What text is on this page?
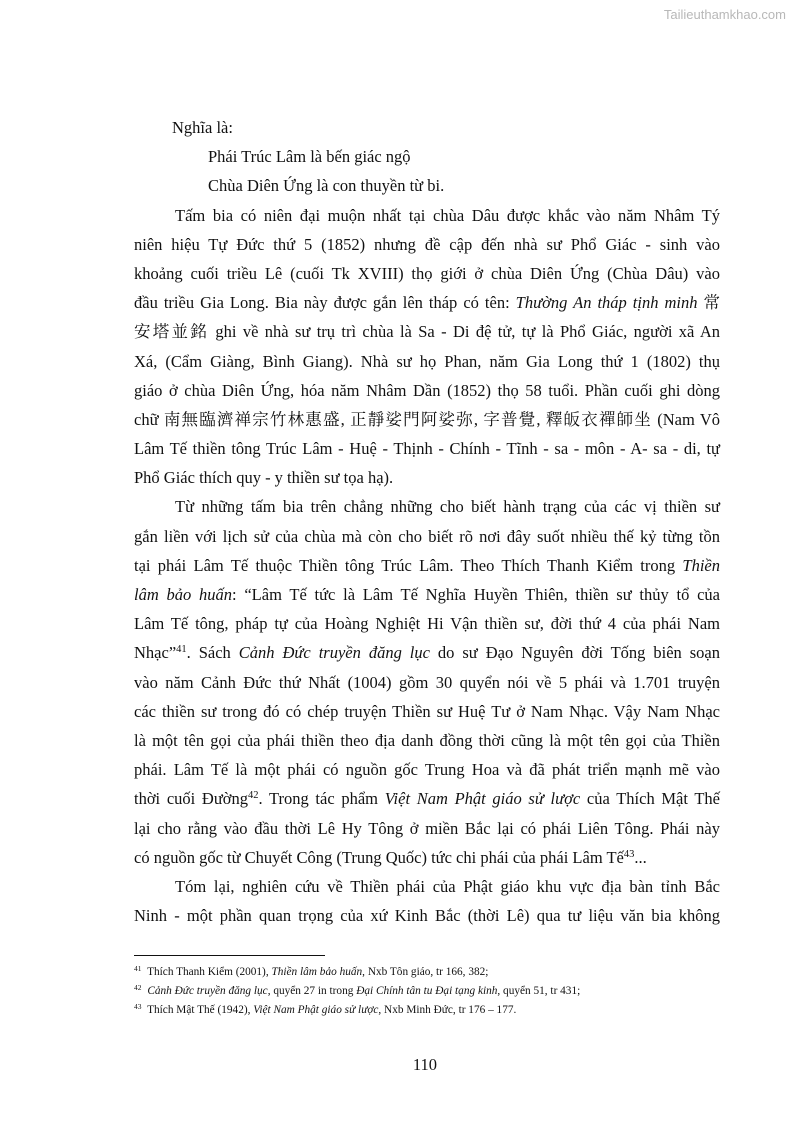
Tailieuthamkhao.com
Nghĩa là:
Phái Trúc Lâm là bến giác ngộ
Chùa Diên Ứng là con thuyền từ bi.
Tấm bia có niên đại muộn nhất tại chùa Dâu được khắc vào năm Nhâm Tý
niên hiệu Tự Đức thứ 5 (1852) nhưng đề cập đến nhà sư Phổ Giác - sinh vào
khoảng cuối triều Lê (cuối Tk XVIII) thọ giới ở chùa Diên Ứng (Chùa Dâu) vào
đầu triều Gia Long. Bia này được gắn lên tháp có tên: Thường An tháp tịnh minh 常
安塔並銘 ghi về nhà sư trụ trì chùa là Sa - Di đệ tử, tự là Phổ Giác, người xã An
Xá, (Cẩm Giàng, Bình Giang). Nhà sư họ Phan, năm Gia Long thứ 1 (1802) thụ
giáo ở chùa Diên Ứng, hóa năm Nhâm Dần (1852) thọ 58 tuổi. Phần cuối ghi dòng
chữ 南無臨濟禅宗竹林惠盛, 正靜娑門阿娑弥, 字普覺, 釋皈衣禪師坐 (Nam Vô
Lâm Tế thiền tông Trúc Lâm - Huệ - Thịnh - Chính - Tĩnh - sa - môn - A- sa - di, tự
Phổ Giác thích quy - y thiền sư tọa hạ).
Từ những tấm bia trên chẳng những cho biết hành trạng của các vị thiền sư
gắn liền với lịch sử của chùa mà còn cho biết rõ nơi đây suốt nhiều thế kỷ từng tồn
tại phái Lâm Tế thuộc Thiền tông Trúc Lâm. Theo Thích Thanh Kiểm trong Thiền
lâm bảo huấn: “Lâm Tế tức là Lâm Tế Nghĩa Huyền Thiên, thiền sư thủy tổ của
Lâm Tế tông, pháp tự của Hoàng Nghiệt Hi Vận thiền sư, đời thứ 4 của phái Nam
Nhạc”$^{41}$. Sách Cảnh Đức truyền đăng lục do sư Đạo Nguyên đời Tống biên soạn
vào năm Cảnh Đức thứ Nhất (1004) gồm 30 quyển nói về 5 phái và 1.701 truyện
các thiền sư trong đó có chép truyện Thiền sư Huệ Tư ở Nam Nhạc. Vậy Nam Nhạc
là một tên gọi của phái thiền theo địa danh đồng thời cũng là một tên gọi của Thiền
phái. Lâm Tế là một phái có nguồn gốc Trung Hoa và đã phát triển mạnh mẽ vào
thời cuối Đường$^{42}$. Trong tác phẩm Việt Nam Phật giáo sử lược của Thích Mật Thế
lại cho rằng vào đầu thời Lê Hy Tông ở miền Bắc lại có phái Liên Tông. Phái này
có nguồn gốc từ Chuyết Công (Trung Quốc) tức chi phái của phái Lâm Tế$^{43}$...
Tóm lại, nghiên cứu về Thiền phái của Phật giáo khu vực địa bàn tỉnh Bắc
Ninh - một phần quan trọng của xứ Kinh Bắc (thời Lê) qua tư liệu văn bia không
$^{41}$ Thích Thanh Kiểm (2001), Thiền lâm bảo huấn, Nxb Tôn giáo, tr 166, 382;
$^{42}$ Cảnh Đức truyền đăng lục, quyển 27 in trong Đại Chính tân tu Đại tạng kinh, quyển 51, tr 431;
$^{43}$ Thích Mật Thế (1942), Việt Nam Phật giáo sử lược, Nxb Minh Đức, tr 176 – 177.
110
